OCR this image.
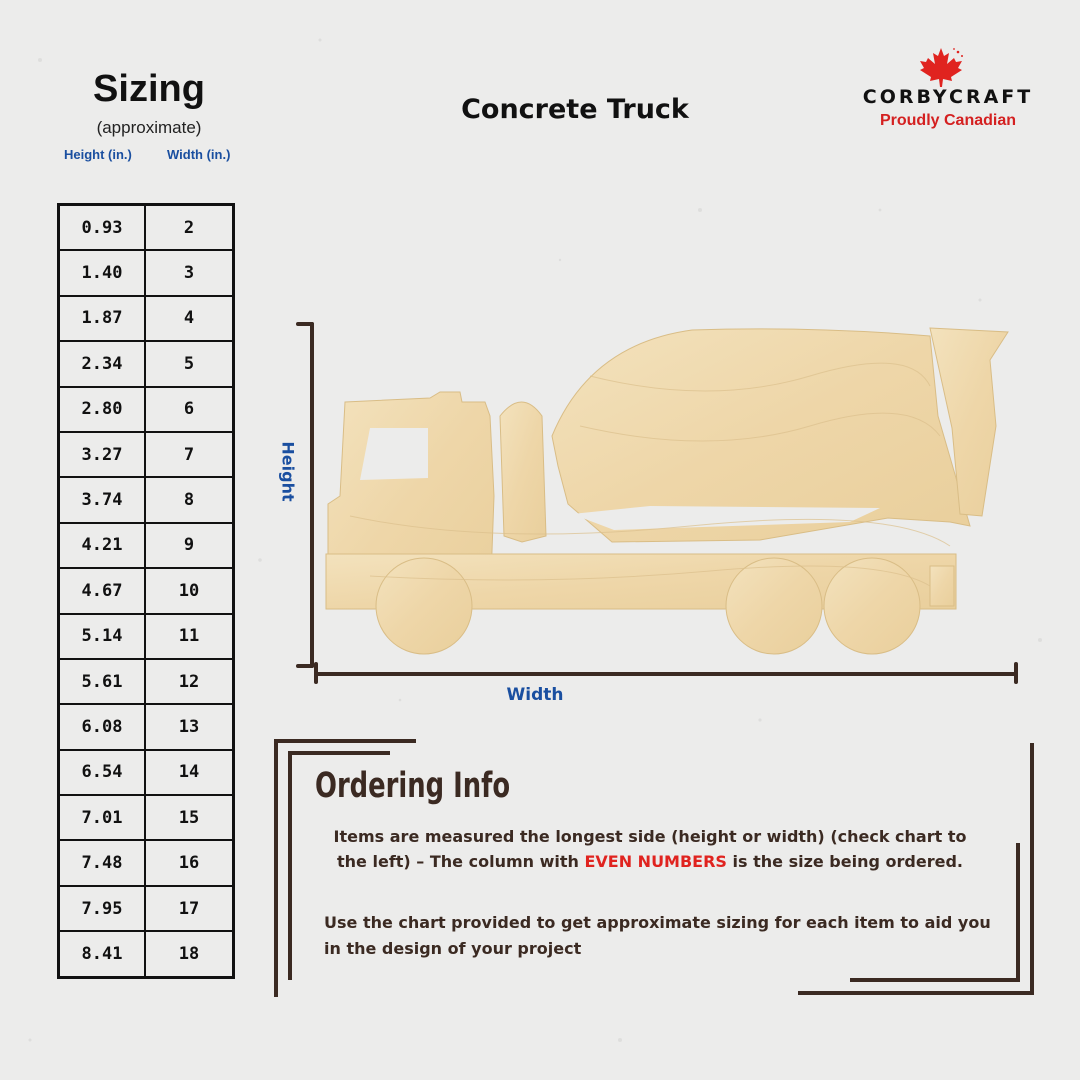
Sizing
(approximate)
Height (in.)	Width (in.)
0.93	2
1.40	3
1.87	4
2.34	5
2.80	6
3.27	7
3.74	8
4.21	9
4.67	10
5.14	11
5.61	12
6.08	13
6.54	14
7.01	15
7.48	16
7.95	17
8.41	18
Concrete Truck	CORBYCRAFT
Proudly Canadian
Height
Width
Ordering Info
Items are measured the longest side (height or width) (check chart to the left) – The column with EVEN NUMBERS is the size being ordered.
Use the chart provided to get approximate sizing for each item to aid you in the design of your project
